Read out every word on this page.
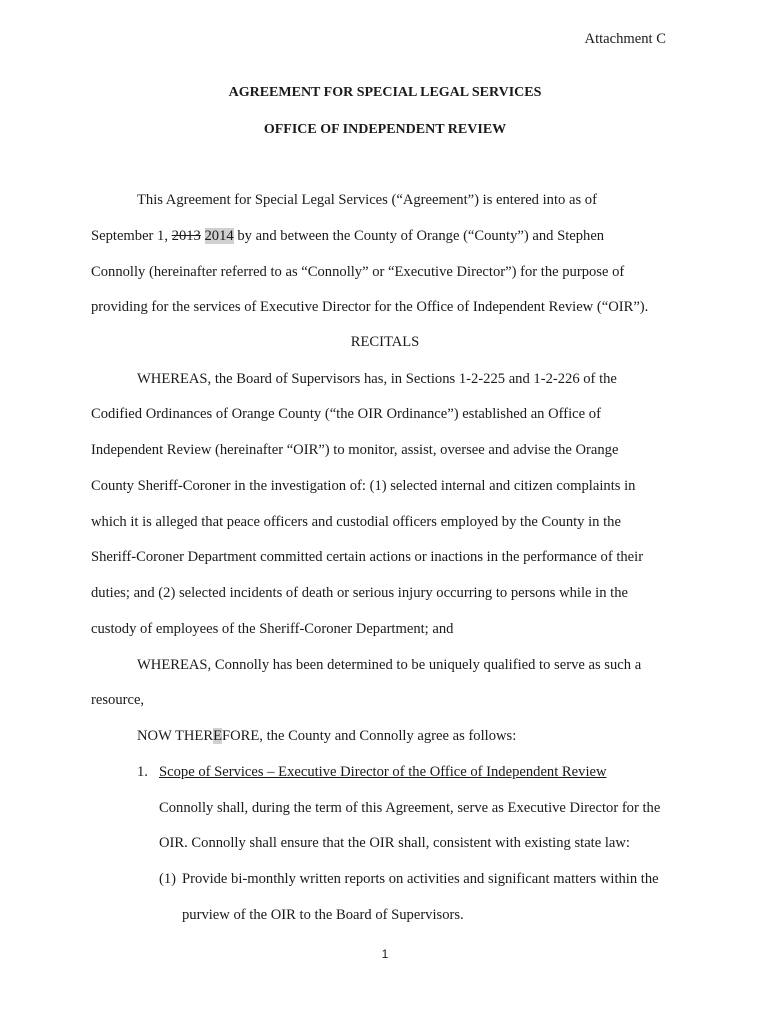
Attachment C
AGREEMENT FOR SPECIAL LEGAL SERVICES
OFFICE OF INDEPENDENT REVIEW
This Agreement for Special Legal Services (“Agreement”) is entered into as of
September 1, 2013 2014 by and between the County of Orange (“County”) and Stephen
Connolly (hereinafter referred to as “Connolly” or “Executive Director”) for the purpose of
providing for the services of Executive Director for the Office of Independent Review (“OIR”).
RECITALS
WHEREAS, the Board of Supervisors has, in Sections 1-2-225 and 1-2-226 of the
Codified Ordinances of Orange County (“the OIR Ordinance”) established an Office of
Independent Review (hereinafter “OIR”) to monitor, assist, oversee and advise the Orange
County Sheriff-Coroner in the investigation of: (1) selected internal and citizen complaints in
which it is alleged that peace officers and custodial officers employed by the County in the
Sheriff-Coroner Department committed certain actions or inactions in the performance of their
duties; and (2) selected incidents of death or serious injury occurring to persons while in the
custody of employees of the Sheriff-Coroner Department; and
WHEREAS, Connolly has been determined to be uniquely qualified to serve as such a
resource,
NOW THEREFORE, the County and Connolly agree as follows:
1. Scope of Services – Executive Director of the Office of Independent Review
Connolly shall, during the term of this Agreement, serve as Executive Director for the
OIR. Connolly shall ensure that the OIR shall, consistent with existing state law:
(1) Provide bi-monthly written reports on activities and significant matters within the
purview of the OIR to the Board of Supervisors.
1
